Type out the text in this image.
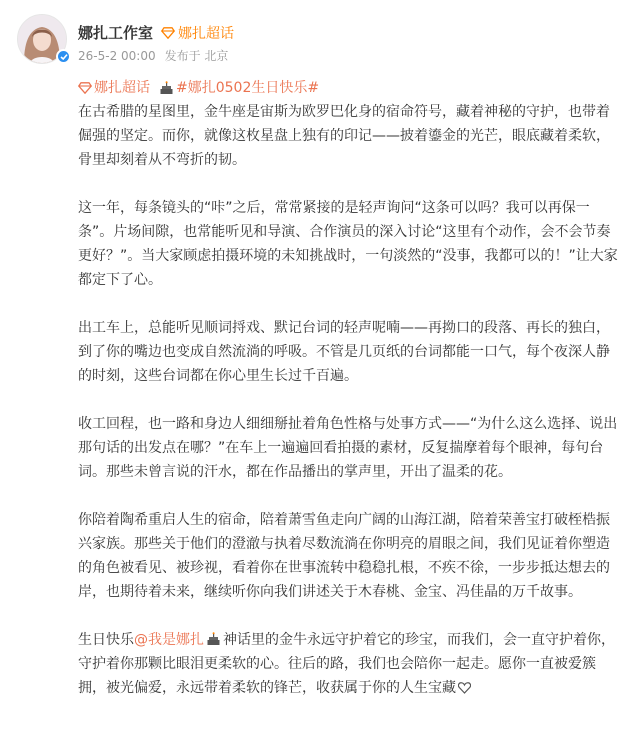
娜扎工作室 娜扎超话
26-5-2 00:00 发布于 北京
娜扎超话 #娜扎0502生日快乐#

在古希腊的星图里，金牛座是宙斯为欧罗巴化身的宿命符号，藏着神秘的守护，也带着倔强的坚定。而你，就像这枚星盘上独有的印记——披着鎏金的光芒，眼底藏着柔软，骨里却刻着从不弯折的韧。

这一年，每条镜头的“咔”之后，常常紧接的是轻声询问“这条可以吗？我可以再保一条”。片场间隙，也常能听见和导演、合作演员的深入讨论“这里有个动作，会不会节奏更好？”。当大家顾虑拍摄环境的未知挑战时，一句淡然的“没事，我都可以的！”让大家都定下了心。

出工车上，总能听见顺词捋戏、默记台词的轻声呢喃——再拗口的段落、再长的独白，到了你的嘴边也变成自然流淌的呼吸。不管是几页纸的台词都能一口气，每个夜深人静的时刻，这些台词都在你心里生长过千百遍。

收工回程，也一路和身边人细细掰扯着角色性格与处事方式——“为什么这么选择、说出那句话的出发点在哪？”在车上一遍遍回看拍摄的素材，反复揣摩着每个眼神，每句台词。那些未曾言说的汗水，都在作品播出的掌声里，开出了温柔的花。

你陪着陶希重启人生的宿命，陪着萧雪鱼走向广阔的山海江湖，陪着荣善宝打破桎梏振兴家族。那些关于他们的澄澈与执着尽数流淌在你明亮的眉眼之间，我们见证着你塑造的角色被看见、被珍视，看着你在世事流转中稳稳扎根，不疾不徐，一步步抵达想去的岸，也期待着未来，继续听你向我们讲述关于木春桃、金宝、冯佳晶的万千故事。

生日快乐@我是娜扎 神话里的金牛永远守护着它的珍宝，而我们，会一直守护着你，守护着你那颗比眼泪更柔软的心。往后的路，我们也会陪你一起走。愿你一直被爱簇拥，被光偏爱，永远带着柔软的锋芒，收获属于你的人生宝藏
